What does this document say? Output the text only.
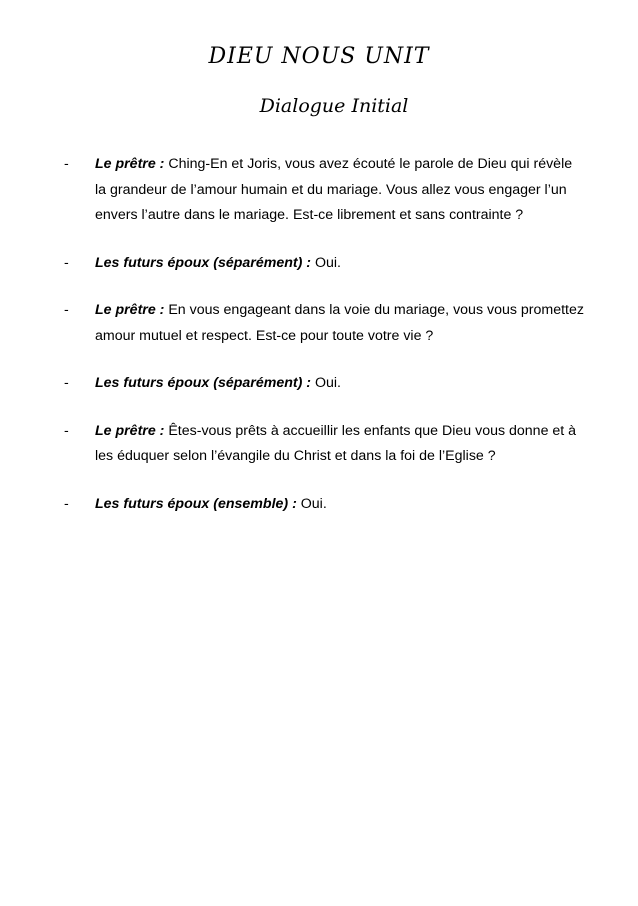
DIEU NOUS UNIT
Dialogue Initial
- Le prêtre : Ching-En et Joris, vous avez écouté le parole de Dieu qui révèle la grandeur de l’amour humain et du mariage. Vous allez vous engager l’un envers l’autre dans le mariage. Est-ce librement et sans contrainte ?
- Les futurs époux (séparément) : Oui.
- Le prêtre : En vous engageant dans la voie du mariage, vous vous promettez amour mutuel et respect. Est-ce pour toute votre vie ?
- Les futurs époux (séparément) : Oui.
- Le prêtre : Êtes-vous prêts à accueillir les enfants que Dieu vous donne et à les éduquer selon l’évangile du Christ et dans la foi de l’Eglise ?
- Les futurs époux (ensemble) : Oui.
